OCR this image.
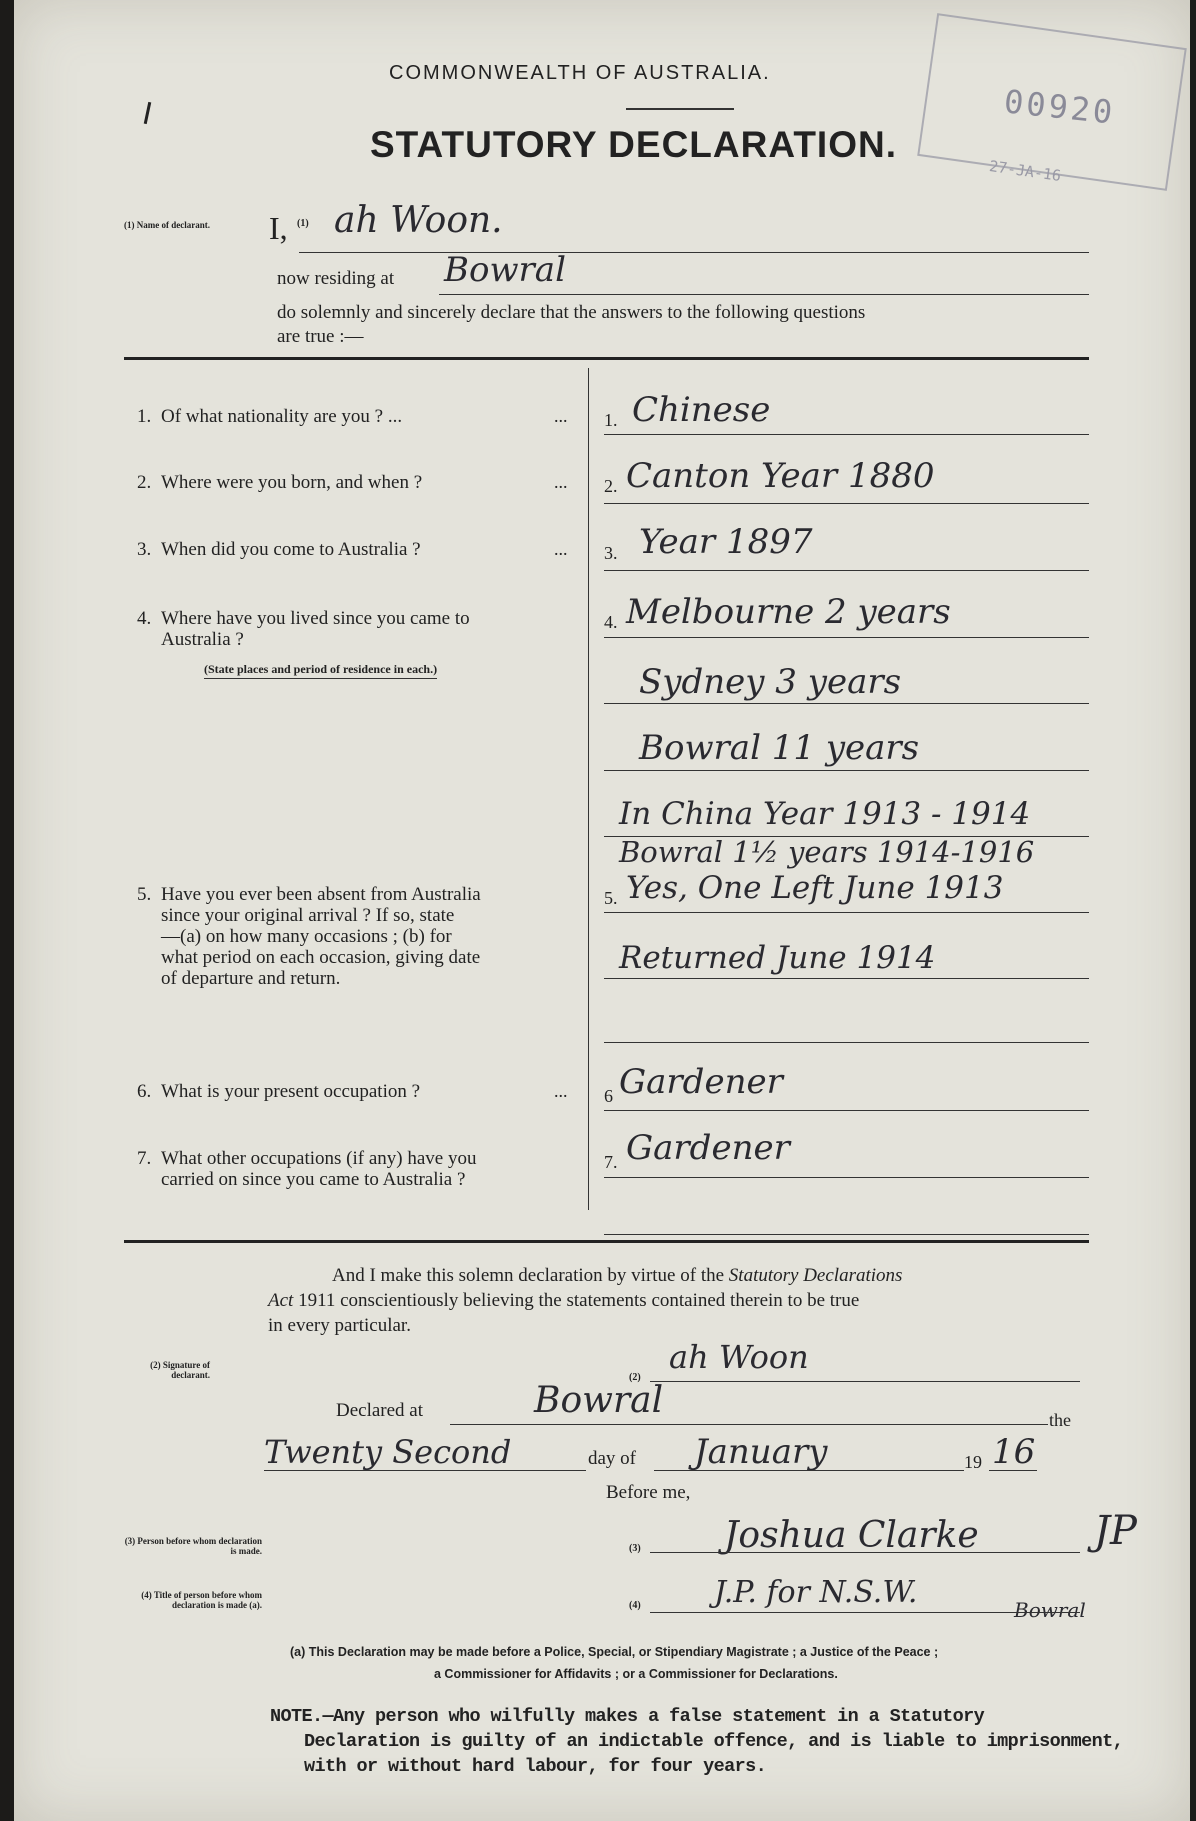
00920
27-JA-16
COMMONWEALTH OF AUSTRALIA.
STATUTORY DECLARATION.
(1) Name of declarant.	I, (1) ah Woon.
now residing at Bowral
do solemnly and sincerely declare that the answers to the following questions
are true :—
1. Of what nationality are you ? ...	... 1. Chinese
2. Where were you born, and when ?	... 2. Canton Year 1880
3. When did you come to Australia ?	... 3. Year 1897
4. Where have you lived since you came to
Australia ?
(State places and period of residence in each.)
4. Melbourne 2 years
Sydney 3 years
Bowral 11 years
In China Year 1913 - 1914
Bowral 1½ years 1914-1916
5. Have you ever been absent from Australia
since your original arrival ? If so, state
—(a) on how many occasions ; (b) for
what period on each occasion, giving date
of departure and return.
5. Yes, One Left June 1913
Returned June 1914
6. What is your present occupation ?	... 6 Gardener
7. What other occupations (if any) have you
carried on since you came to Australia ?
7. Gardener
And I make this solemn declaration by virtue of the Statutory Declarations
Act 1911 conscientiously believing the statements contained therein to be true
in every particular.
(2) Signature of declarant.	(2)
ah Woon
Declared at	Bowral	the
Twenty Second	day of January	19 16
Before me,
(3) Person before whom declaration is made.	(3) Joshua Clarke	JP
(4) Title of person before whom declaration is made (a).	(4) J.P. for N.S.W.	Bowral
(a) This Declaration may be made before a Police, Special, or Stipendiary Magistrate ; a Justice of the Peace ;
a Commissioner for Affidavits ; or a Commissioner for Declarations.
NOTE.—Any person who wilfully makes a false statement in a Statutory
Declaration is guilty of an indictable offence, and is liable to imprisonment,
with or without hard labour, for four years.
